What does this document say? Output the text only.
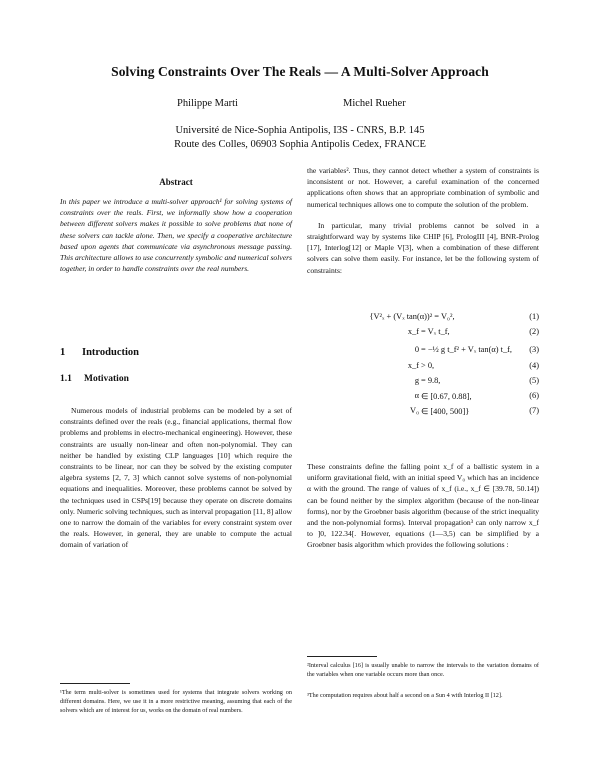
Solving Constraints Over The Reals — A Multi-Solver Approach
Philippe Marti	Michel Rueher
Université de Nice-Sophia Antipolis, I3S - CNRS, B.P. 145
Route des Colles, 06903 Sophia Antipolis Cedex, FRANCE
Abstract

In this paper we introduce a multi-solver approach¹ for solving systems of constraints over the reals. First, we informally show how a cooperation between different solvers makes it possible to solve problems that none of these solvers can tackle alone. Then, we specify a cooperative architecture based upon agents that communicate via asynchronous message passing. This architecture allows to use concurrently symbolic and numerical solvers together, in order to handle constraints over the real numbers.

1 Introduction
1.1 Motivation

Numerous models of industrial problems can be modeled by a set of constraints defined over the reals (e.g., financial applications, thermal flow problems and problems in electro-mechanical engineering). However, these constraints are usually non-linear and often non-polynomial. They can neither be handled by existing CLP languages [10] which require the constraints to be linear, nor can they be solved by the existing computer algebra systems [2, 7, 3] which cannot solve systems of non-polynomial equations and inequalities. Moreover, these problems cannot be solved by the techniques used in CSPs[19] because they operate on discrete domains only. Numeric solving techniques, such as interval propagation [11, 8] allow one to narrow the domain of the variables for every constraint system over the reals. However, in general, they are unable to compute the actual domain of variation of

¹The term multi-solver is sometimes used for systems that integrate solvers working on different domains. Here, we use it in a more restrictive meaning, assuming that each of the solvers which are of interest for us, works on the domain of real numbers.

the variables². Thus, they cannot detect whether a system of constraints is inconsistent or not. However, a careful examination of the concerned applications often shows that an appropriate combination of symbolic and numerical techniques allows one to compute the solution of the problem.

In particular, many trivial problems cannot be solved in a straightforward way by systems like CHIP [6], PrologIII [4], BNR-Prolog [17], Interlog[12] or Maple V[3], when a combination of these different solvers can solve them easily. For instance, let be the following system of constraints:

{V²ₓ + (Vₓ tan(α))² = V₀²,	(1)
x_f = Vₓ t_f,	(2)
0 = −½ g t_f² + Vₓ tan(α) t_f, (3)
x_f > 0,	(4)
g = 9.8,	(5)
α ∈ [0.67, 0.88],	(6)
V₀ ∈ [400, 500]}	(7)

These constraints define the falling point x_f of a ballistic system in a uniform gravitational field, with an initial speed V₀ which has an incidence α with the ground. The range of values of x_f (i.e., x_f ∈ [39.78, 50.14]) can be found neither by the simplex algorithm (because of the non-linear forms), nor by the Groebner basis algorithm (because of the strict inequality and the non-polynomial forms). Interval propagation³ can only narrow x_f to ]0, 122.34[. However, equations (1—3,5) can be simplified by a Groebner basis algorithm which provides the following solutions :

²Interval calculus [16] is usually unable to narrow the intervals to the variation domains of the variables when one variable occurs more than once.
³The computation requires about half a second on a Sun 4 with Interlog II [12].
